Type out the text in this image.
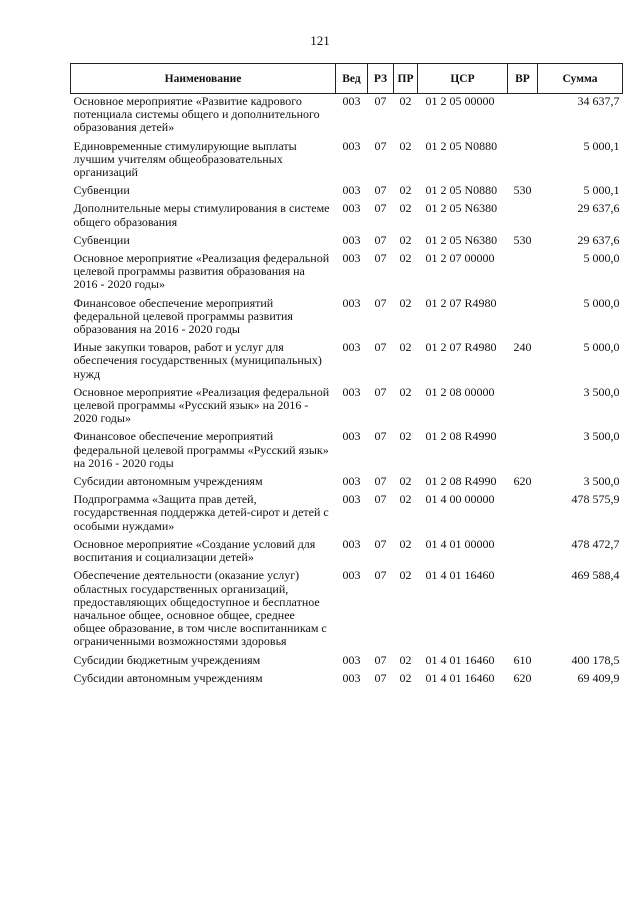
121
Наименование	Вед	РЗ	ПР	ЦСР	ВР	Сумма
Основное мероприятие «Развитие кадрового потенциала системы общего и дополнительного образования детей»	003	07	02	01 2 05 00000		34 637,7
Единовременные стимулирующие выплаты лучшим учителям общеобразовательных организаций	003	07	02	01 2 05 N0880		5 000,1
Субвенции	003	07	02	01 2 05 N0880	530	5 000,1
Дополнительные меры стимулирования в системе общего образования	003	07	02	01 2 05 N6380		29 637,6
Субвенции	003	07	02	01 2 05 N6380	530	29 637,6
Основное мероприятие «Реализация федеральной целевой программы развития образования на 2016 - 2020 годы»	003	07	02	01 2 07 00000		5 000,0
Финансовое обеспечение мероприятий федеральной целевой программы развития образования на 2016 - 2020 годы	003	07	02	01 2 07 R4980		5 000,0
Иные закупки товаров, работ и услуг для обеспечения государственных (муниципальных) нужд	003	07	02	01 2 07 R4980	240	5 000,0
Основное мероприятие «Реализация федеральной целевой программы «Русский язык» на 2016 - 2020 годы»	003	07	02	01 2 08 00000		3 500,0
Финансовое обеспечение мероприятий федеральной целевой программы «Русский язык» на 2016 - 2020 годы	003	07	02	01 2 08 R4990		3 500,0
Субсидии автономным учреждениям	003	07	02	01 2 08 R4990	620	3 500,0
Подпрограмма «Защита прав детей, государственная поддержка детей-сирот и детей с особыми нуждами»	003	07	02	01 4 00 00000		478 575,9
Основное мероприятие «Создание условий для воспитания и социализации детей»	003	07	02	01 4 01 00000		478 472,7
Обеспечение деятельности (оказание услуг) областных государственных организаций, предоставляющих общедоступное и бесплатное начальное общее, основное общее, среднее общее образование, в том числе воспитанникам с ограниченными возможностями здоровья	003	07	02	01 4 01 16460		469 588,4
Субсидии бюджетным учреждениям	003	07	02	01 4 01 16460	610	400 178,5
Субсидии автономным учреждениям	003	07	02	01 4 01 16460	620	69 409,9
